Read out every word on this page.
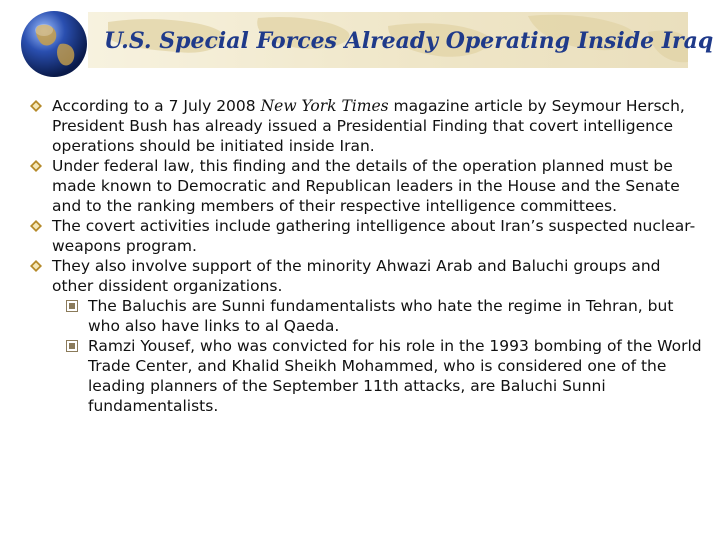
U.S. Special Forces Already Operating Inside Iraq
According to a 7 July 2008 New York Times magazine article by Seymour Hersch, President Bush has already issued a Presidential Finding that covert intelligence operations should be initiated inside Iran.
Under federal law, this finding and the details of the operation planned must be made known to Democratic and Republican leaders in the House and the Senate and to the ranking members of their respective intelligence committees.
The covert activities include gathering intelligence about Iran’s suspected nuclear-weapons program.
They also involve support of the minority Ahwazi Arab and Baluchi groups and other dissident organizations.
The Baluchis are Sunni fundamentalists who hate the regime in Tehran, but who also have links to al Qaeda.
Ramzi Yousef, who was convicted for his role in the 1993 bombing of the World Trade Center, and Khalid Sheikh Mohammed, who is considered one of the leading planners of the September 11th attacks, are Baluchi Sunni fundamentalists.
